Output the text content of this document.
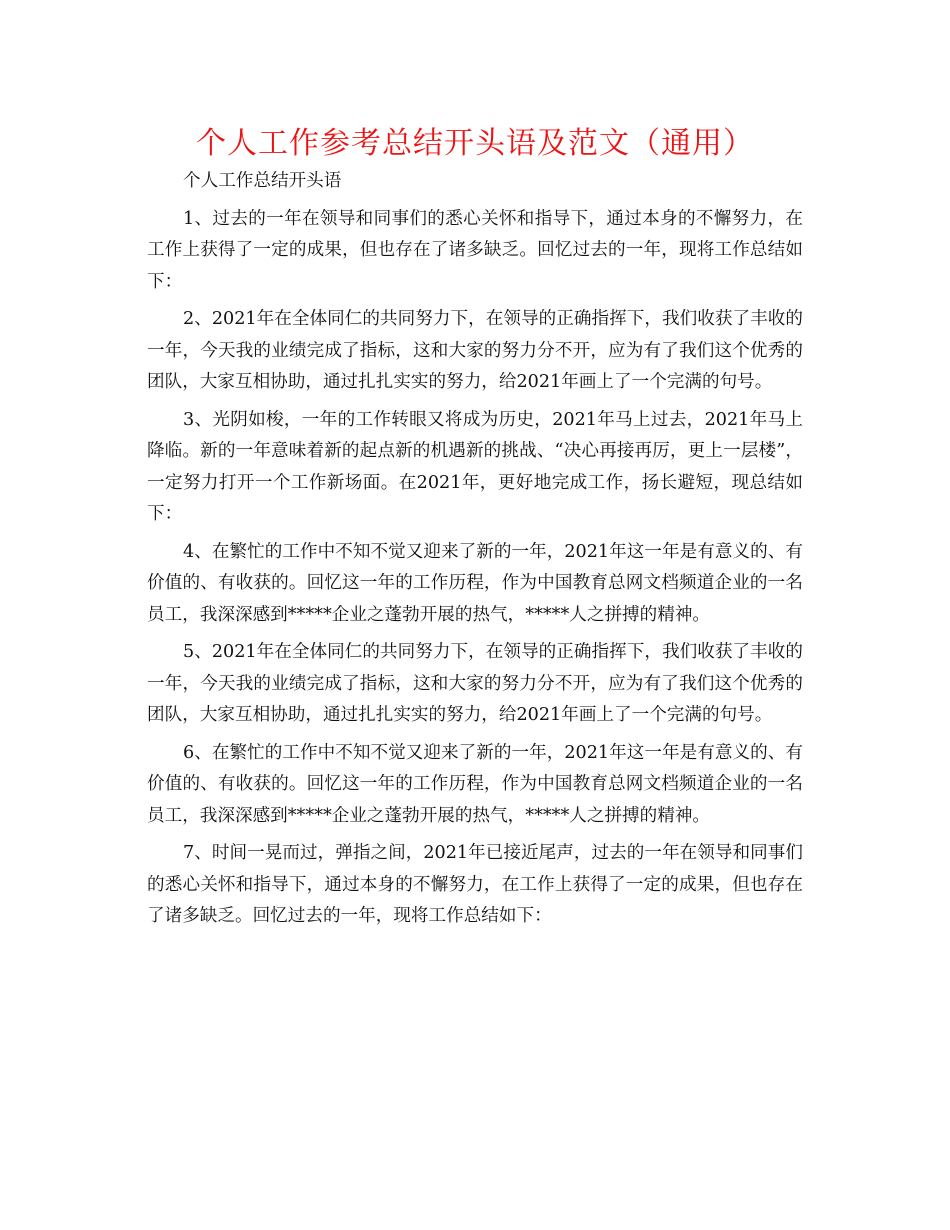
个人工作参考总结开头语及范文（通用）
个人工作总结开头语

1、过去的一年在领导和同事们的悉心关怀和指导下，通过本身的不懈努力，在工作上获得了一定的成果，但也存在了诸多缺乏。回忆过去的一年，现将工作总结如下：

2、2021年在全体同仁的共同努力下，在领导的正确指挥下，我们收获了丰收的一年，今天我的业绩完成了指标，这和大家的努力分不开，应为有了我们这个优秀的团队，大家互相协助，通过扎扎实实的努力，给2021年画上了一个完满的句号。

3、光阴如梭，一年的工作转眼又将成为历史，2021年马上过去，2021年马上降临。新的一年意味着新的起点新的机遇新的挑战、“决心再接再厉，更上一层楼”，一定努力打开一个工作新场面。在2021年，更好地完成工作，扬长避短，现总结如下：

4、在繁忙的工作中不知不觉又迎来了新的一年，2021年这一年是有意义的、有价值的、有收获的。回忆这一年的工作历程，作为中国教育总网文档频道企业的一名员工，我深深感到*****企业之蓬勃开展的热气，*****人之拼搏的精神。

5、2021年在全体同仁的共同努力下，在领导的正确指挥下，我们收获了丰收的一年，今天我的业绩完成了指标，这和大家的努力分不开，应为有了我们这个优秀的团队，大家互相协助，通过扎扎实实的努力，给2021年画上了一个完满的句号。

6、在繁忙的工作中不知不觉又迎来了新的一年，2021年这一年是有意义的、有价值的、有收获的。回忆这一年的工作历程，作为中国教育总网文档频道企业的一名员工，我深深感到*****企业之蓬勃开展的热气，*****人之拼搏的精神。

7、时间一晃而过，弹指之间，2021年已接近尾声，过去的一年在领导和同事们的悉心关怀和指导下，通过本身的不懈努力，在工作上获得了一定的成果，但也存在了诸多缺乏。回忆过去的一年，现将工作总结如下：
